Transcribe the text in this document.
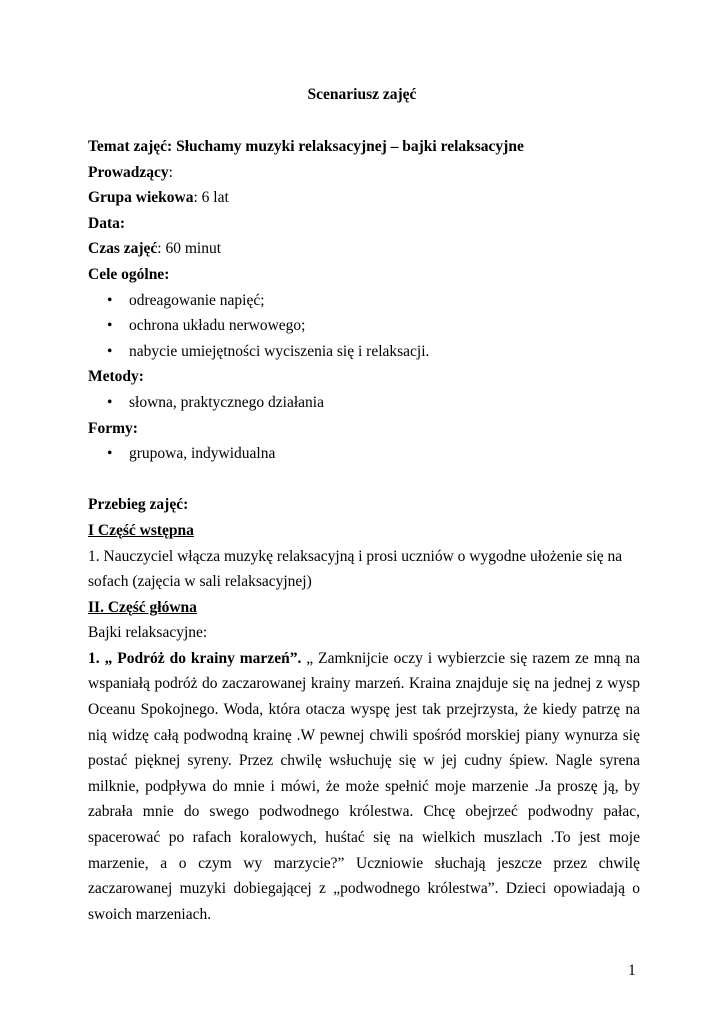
Scenariusz zajęć

Temat zajęć: Słuchamy muzyki relaksacyjnej – bajki relaksacyjne

Prowadzący:

Grupa wiekowa: 6 lat

Data:

Czas zajęć: 60 minut

Cele ogólne:

• odreagowanie napięć;
• ochrona układu nerwowego;
• nabycie umiejętności wyciszenia się i relaksacji.

Metody:

• słowna, praktycznego działania

Formy:

• grupowa, indywidualna

Przebieg zajęć:

I Część wstępna

1. Nauczyciel włącza muzykę relaksacyjną i prosi uczniów o wygodne ułożenie się na sofach (zajęcia w sali relaksacyjnej)

II. Część główna

Bajki relaksacyjne:

1. „ Podróż do krainy marzeń”. „ Zamknijcie oczy i wybierzcie się razem ze mną na wspaniałą podróż do zaczarowanej krainy marzeń. Kraina znajduje się na jednej z wysp Oceanu Spokojnego. Woda, która otacza wyspę jest tak przejrzysta, że kiedy patrzę na nią widzę całą podwodną krainę .W pewnej chwili spośród morskiej piany wynurza się postać pięknej syreny. Przez chwilę wsłuchuję się w jej cudny śpiew. Nagle syrena milknie, podpływa do mnie i mówi, że może spełnić moje marzenie .Ja proszę ją, by zabrała mnie do swego podwodnego królestwa. Chcę obejrzeć podwodny pałac, spacerować po rafach koralowych, huśtać się na wielkich muszlach .To jest moje marzenie, a o czym wy marzycie?” Uczniowie słuchają jeszcze przez chwilę zaczarowanej muzyki dobiegającej z „podwodnego królestwa”. Dzieci opowiadają o swoich marzeniach.

1
